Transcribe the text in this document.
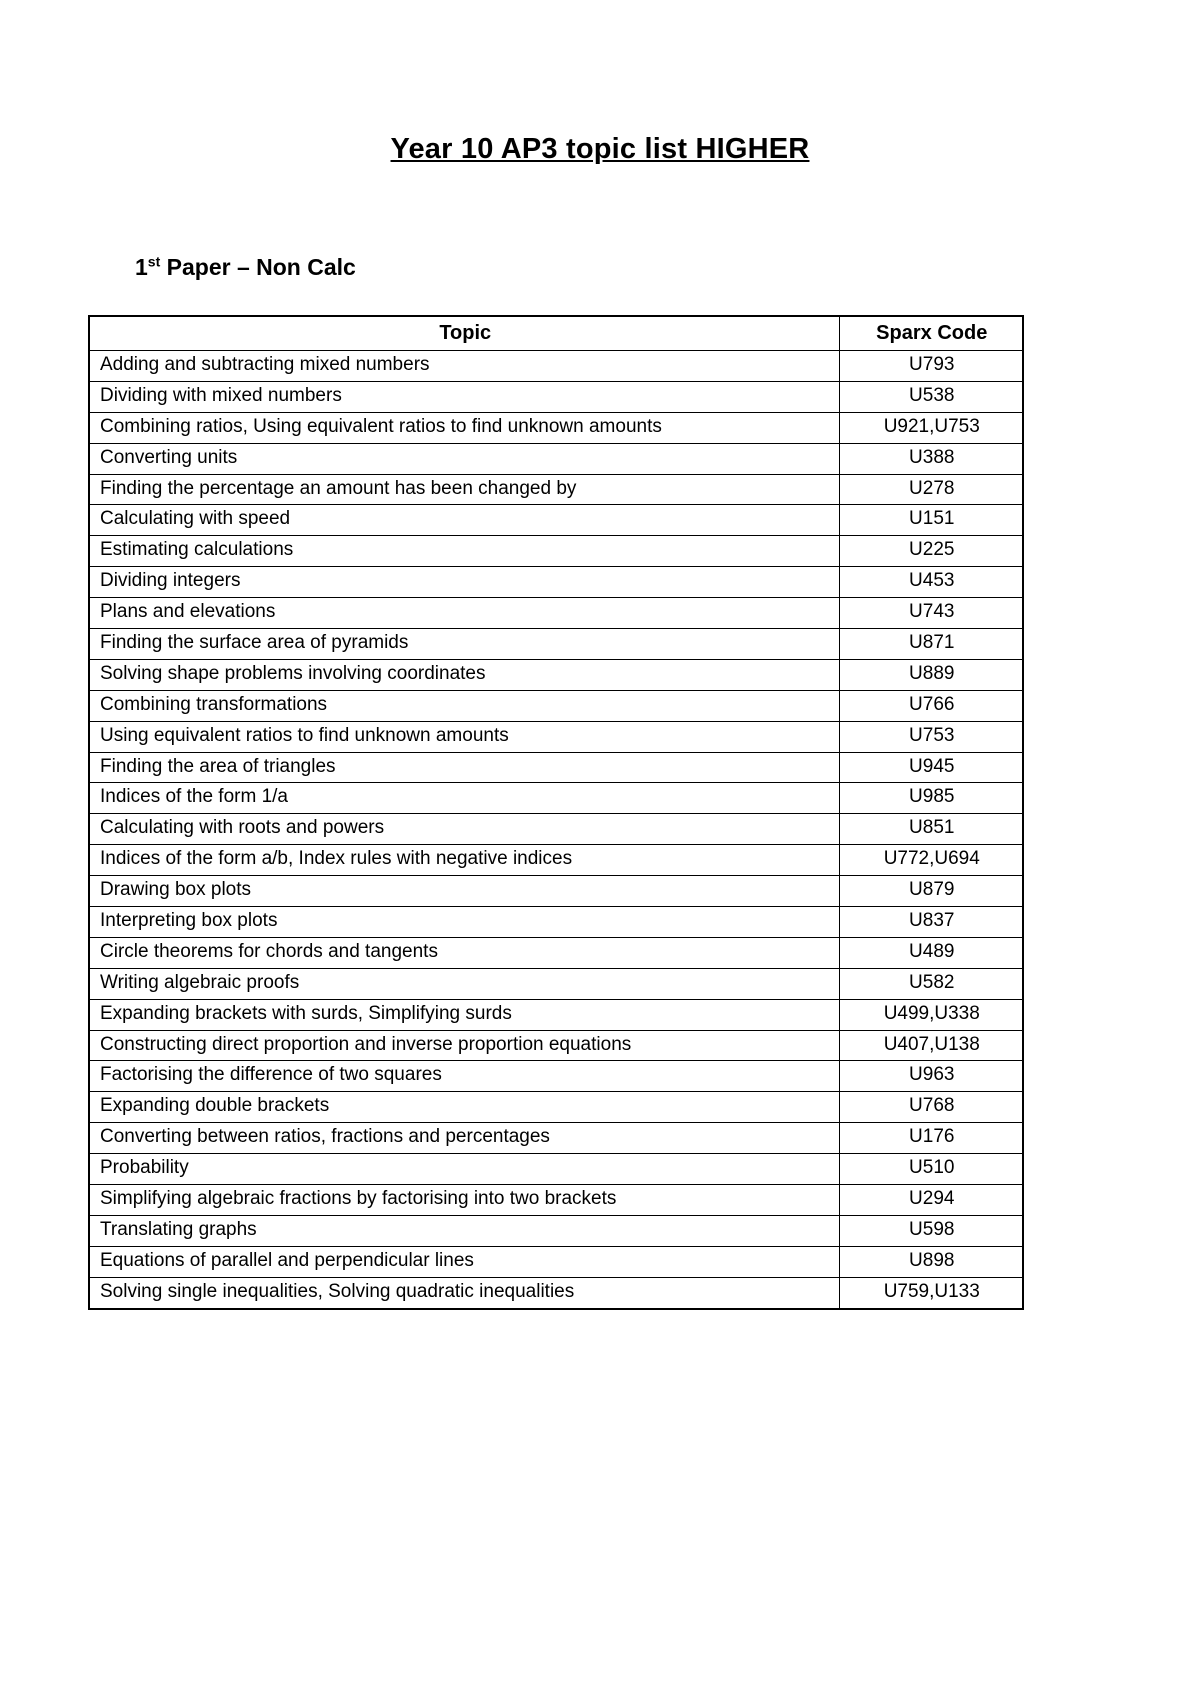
Year 10 AP3 topic list HIGHER
1st Paper – Non Calc
Topic	Sparx Code
Adding and subtracting mixed numbers	U793
Dividing with mixed numbers	U538
Combining ratios, Using equivalent ratios to find unknown amounts	U921,U753
Converting units	U388
Finding the percentage an amount has been changed by	U278
Calculating with speed	U151
Estimating calculations	U225
Dividing integers	U453
Plans and elevations	U743
Finding the surface area of pyramids	U871
Solving shape problems involving coordinates	U889
Combining transformations	U766
Using equivalent ratios to find unknown amounts	U753
Finding the area of triangles	U945
Indices of the form 1/a	U985
Calculating with roots and powers	U851
Indices of the form a/b, Index rules with negative indices	U772,U694
Drawing box plots	U879
Interpreting box plots	U837
Circle theorems for chords and tangents	U489
Writing algebraic proofs	U582
Expanding brackets with surds, Simplifying surds	U499,U338
Constructing direct proportion and inverse proportion equations	U407,U138
Factorising the difference of two squares	U963
Expanding double brackets	U768
Converting between ratios, fractions and percentages	U176
Probability	U510
Simplifying algebraic fractions by factorising into two brackets	U294
Translating graphs	U598
Equations of parallel and perpendicular lines	U898
Solving single inequalities, Solving quadratic inequalities	U759,U133
